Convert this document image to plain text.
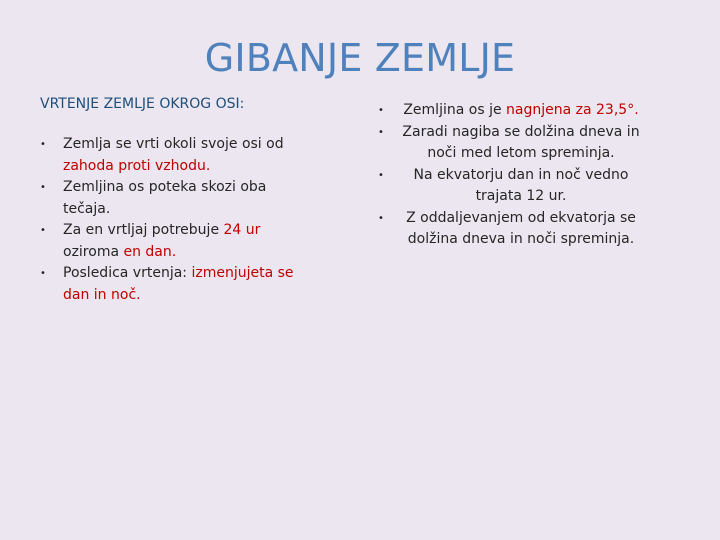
GIBANJE ZEMLJE
VRTENJE ZEMLJE OKROG OSI:
• Zemlja se vrti okoli svoje osi od zahoda proti vzhodu.
• Zemljina os poteka skozi oba tečaja.
• Za en vrtljaj potrebuje 24 ur oziroma en dan.
• Posledica vrtenja: izmenjujeta se dan in noč.
• Zemljina os je nagnjena za 23,5°.
• Zaradi nagiba se dolžina dneva in noči med letom spreminja.
• Na ekvatorju dan in noč vedno trajata 12 ur.
• Z oddaljevanjem od ekvatorja se dolžina dneva in noči spreminja.
